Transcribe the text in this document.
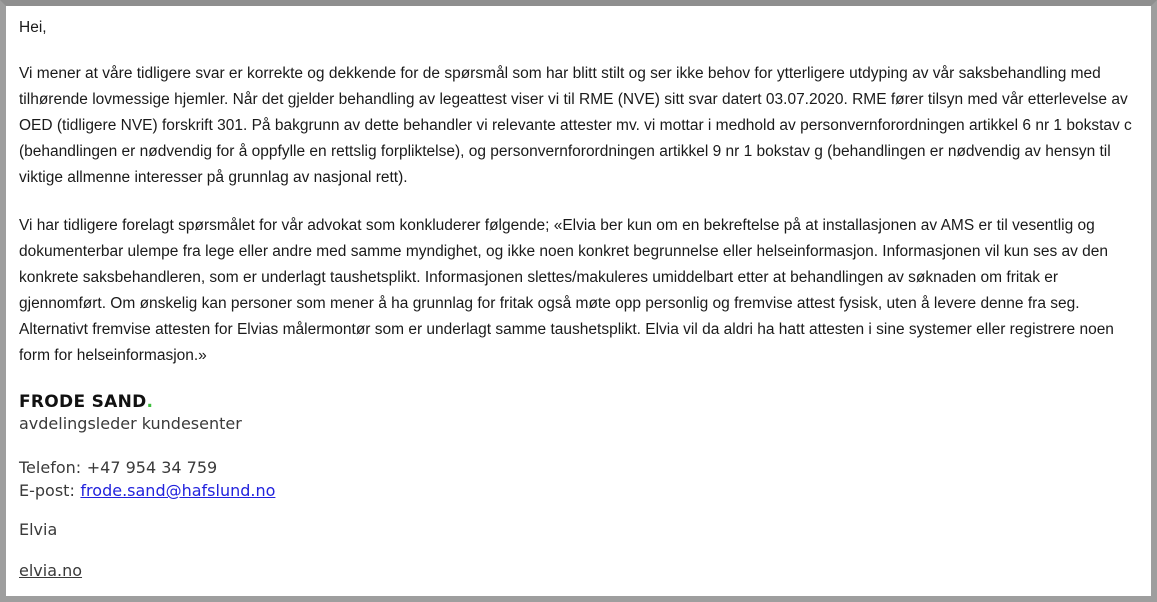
Hei,

Vi mener at våre tidligere svar er korrekte og dekkende for de spørsmål som har blitt stilt og ser ikke behov for ytterligere utdyping av vår saksbehandling med tilhørende lovmessige hjemler. Når det gjelder behandling av legeattest viser vi til RME (NVE) sitt svar datert 03.07.2020. RME fører tilsyn med vår etterlevelse av OED (tidligere NVE) forskrift 301. På bakgrunn av dette behandler vi relevante attester mv. vi mottar i medhold av personvernforordningen artikkel 6 nr 1 bokstav c (behandlingen er nødvendig for å oppfylle en rettslig forpliktelse), og personvernforordningen artikkel 9 nr 1 bokstav g (behandlingen er nødvendig av hensyn til viktige allmenne interesser på grunnlag av nasjonal rett).

Vi har tidligere forelagt spørsmålet for vår advokat som konkluderer følgende; «Elvia ber kun om en bekreftelse på at installasjonen av AMS er til vesentlig og dokumenterbar ulempe fra lege eller andre med samme myndighet, og ikke noen konkret begrunnelse eller helseinformasjon. Informasjonen vil kun ses av den konkrete saksbehandleren, som er underlagt taushetsplikt. Informasjonen slettes/makuleres umiddelbart etter at behandlingen av søknaden om fritak er gjennomført. Om ønskelig kan personer som mener å ha grunnlag for fritak også møte opp personlig og fremvise attest fysisk, uten å levere denne fra seg. Alternativt fremvise attesten for Elvias målermontør som er underlagt samme taushetsplikt. Elvia vil da aldri ha hatt attesten i sine systemer eller registrere noen form for helseinformasjon.»

FRODE SAND.
avdelingsleder kundesenter
Telefon: +47 954 34 759
E-post: frode.sand@hafslund.no
Elvia
elvia.no
